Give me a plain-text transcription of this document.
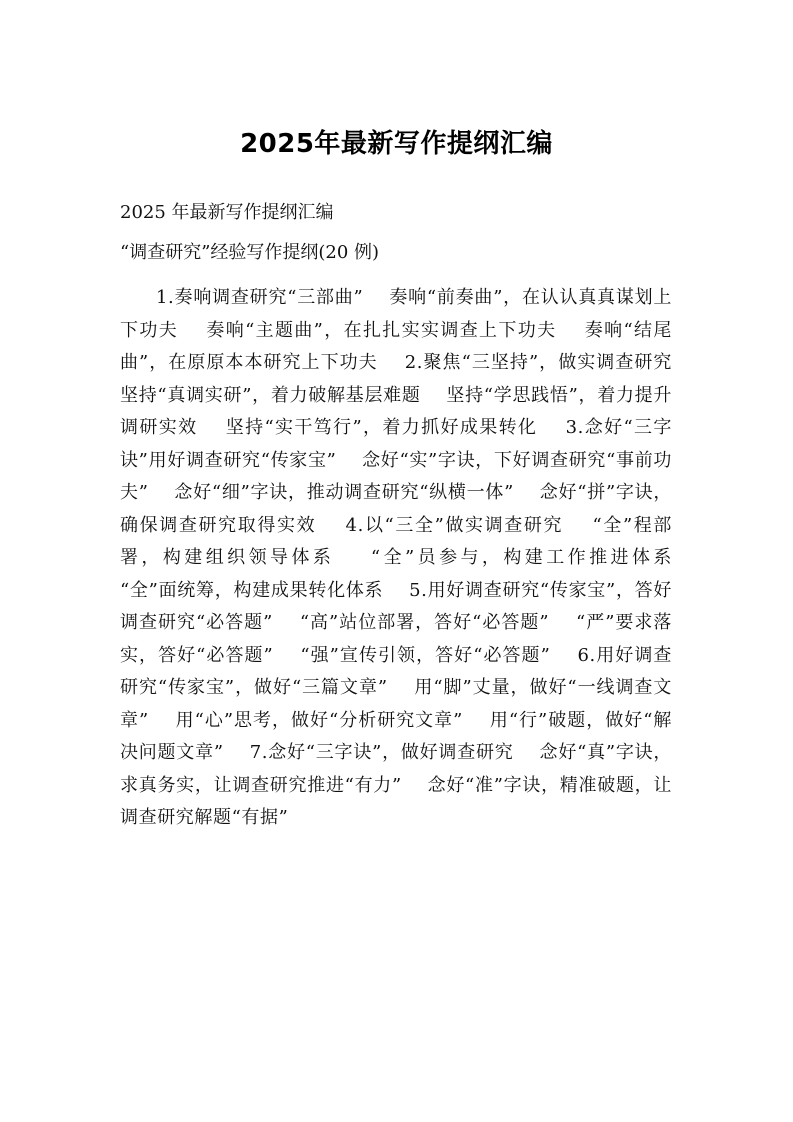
2025年最新写作提纲汇编
2025 年最新写作提纲汇编
“调查研究”经验写作提纲(20 例)
1.奏响调查研究“三部曲”    奏响“前奏曲”，在认认真真谋划上下功夫    奏响“主题曲”，在扎扎实实调查上下功夫    奏响“结尾曲”，在原原本本研究上下功夫    2.聚焦“三坚持”，做实调查研究    坚持“真调实研”，着力破解基层难题    坚持“学思践悟”，着力提升调研实效    坚持“实干笃行”，着力抓好成果转化    3.念好“三字诀”用好调查研究“传家宝”    念好“实”字诀，下好调查研究“事前功夫”    念好“细”字诀，推动调查研究“纵横一体”    念好“拼”字诀，确保调查研究取得实效    4.以“三全”做实调查研究    “全”程部署，构建组织领导体系    “全”员参与，构建工作推进体系    “全”面统筹，构建成果转化体系    5.用好调查研究“传家宝”，答好调查研究“必答题”    “高”站位部署，答好“必答题”    “严”要求落实，答好“必答题”    “强”宣传引领，答好“必答题”    6.用好调查研究“传家宝”，做好“三篇文章”    用“脚”丈量，做好“一线调查文章”    用“心”思考，做好“分析研究文章”    用“行”破题，做好“解决问题文章”    7.念好“三字诀”，做好调查研究    念好“真”字诀，求真务实，让调查研究推进“有力”    念好“准”字诀，精准破题，让调查研究解题“有据”
